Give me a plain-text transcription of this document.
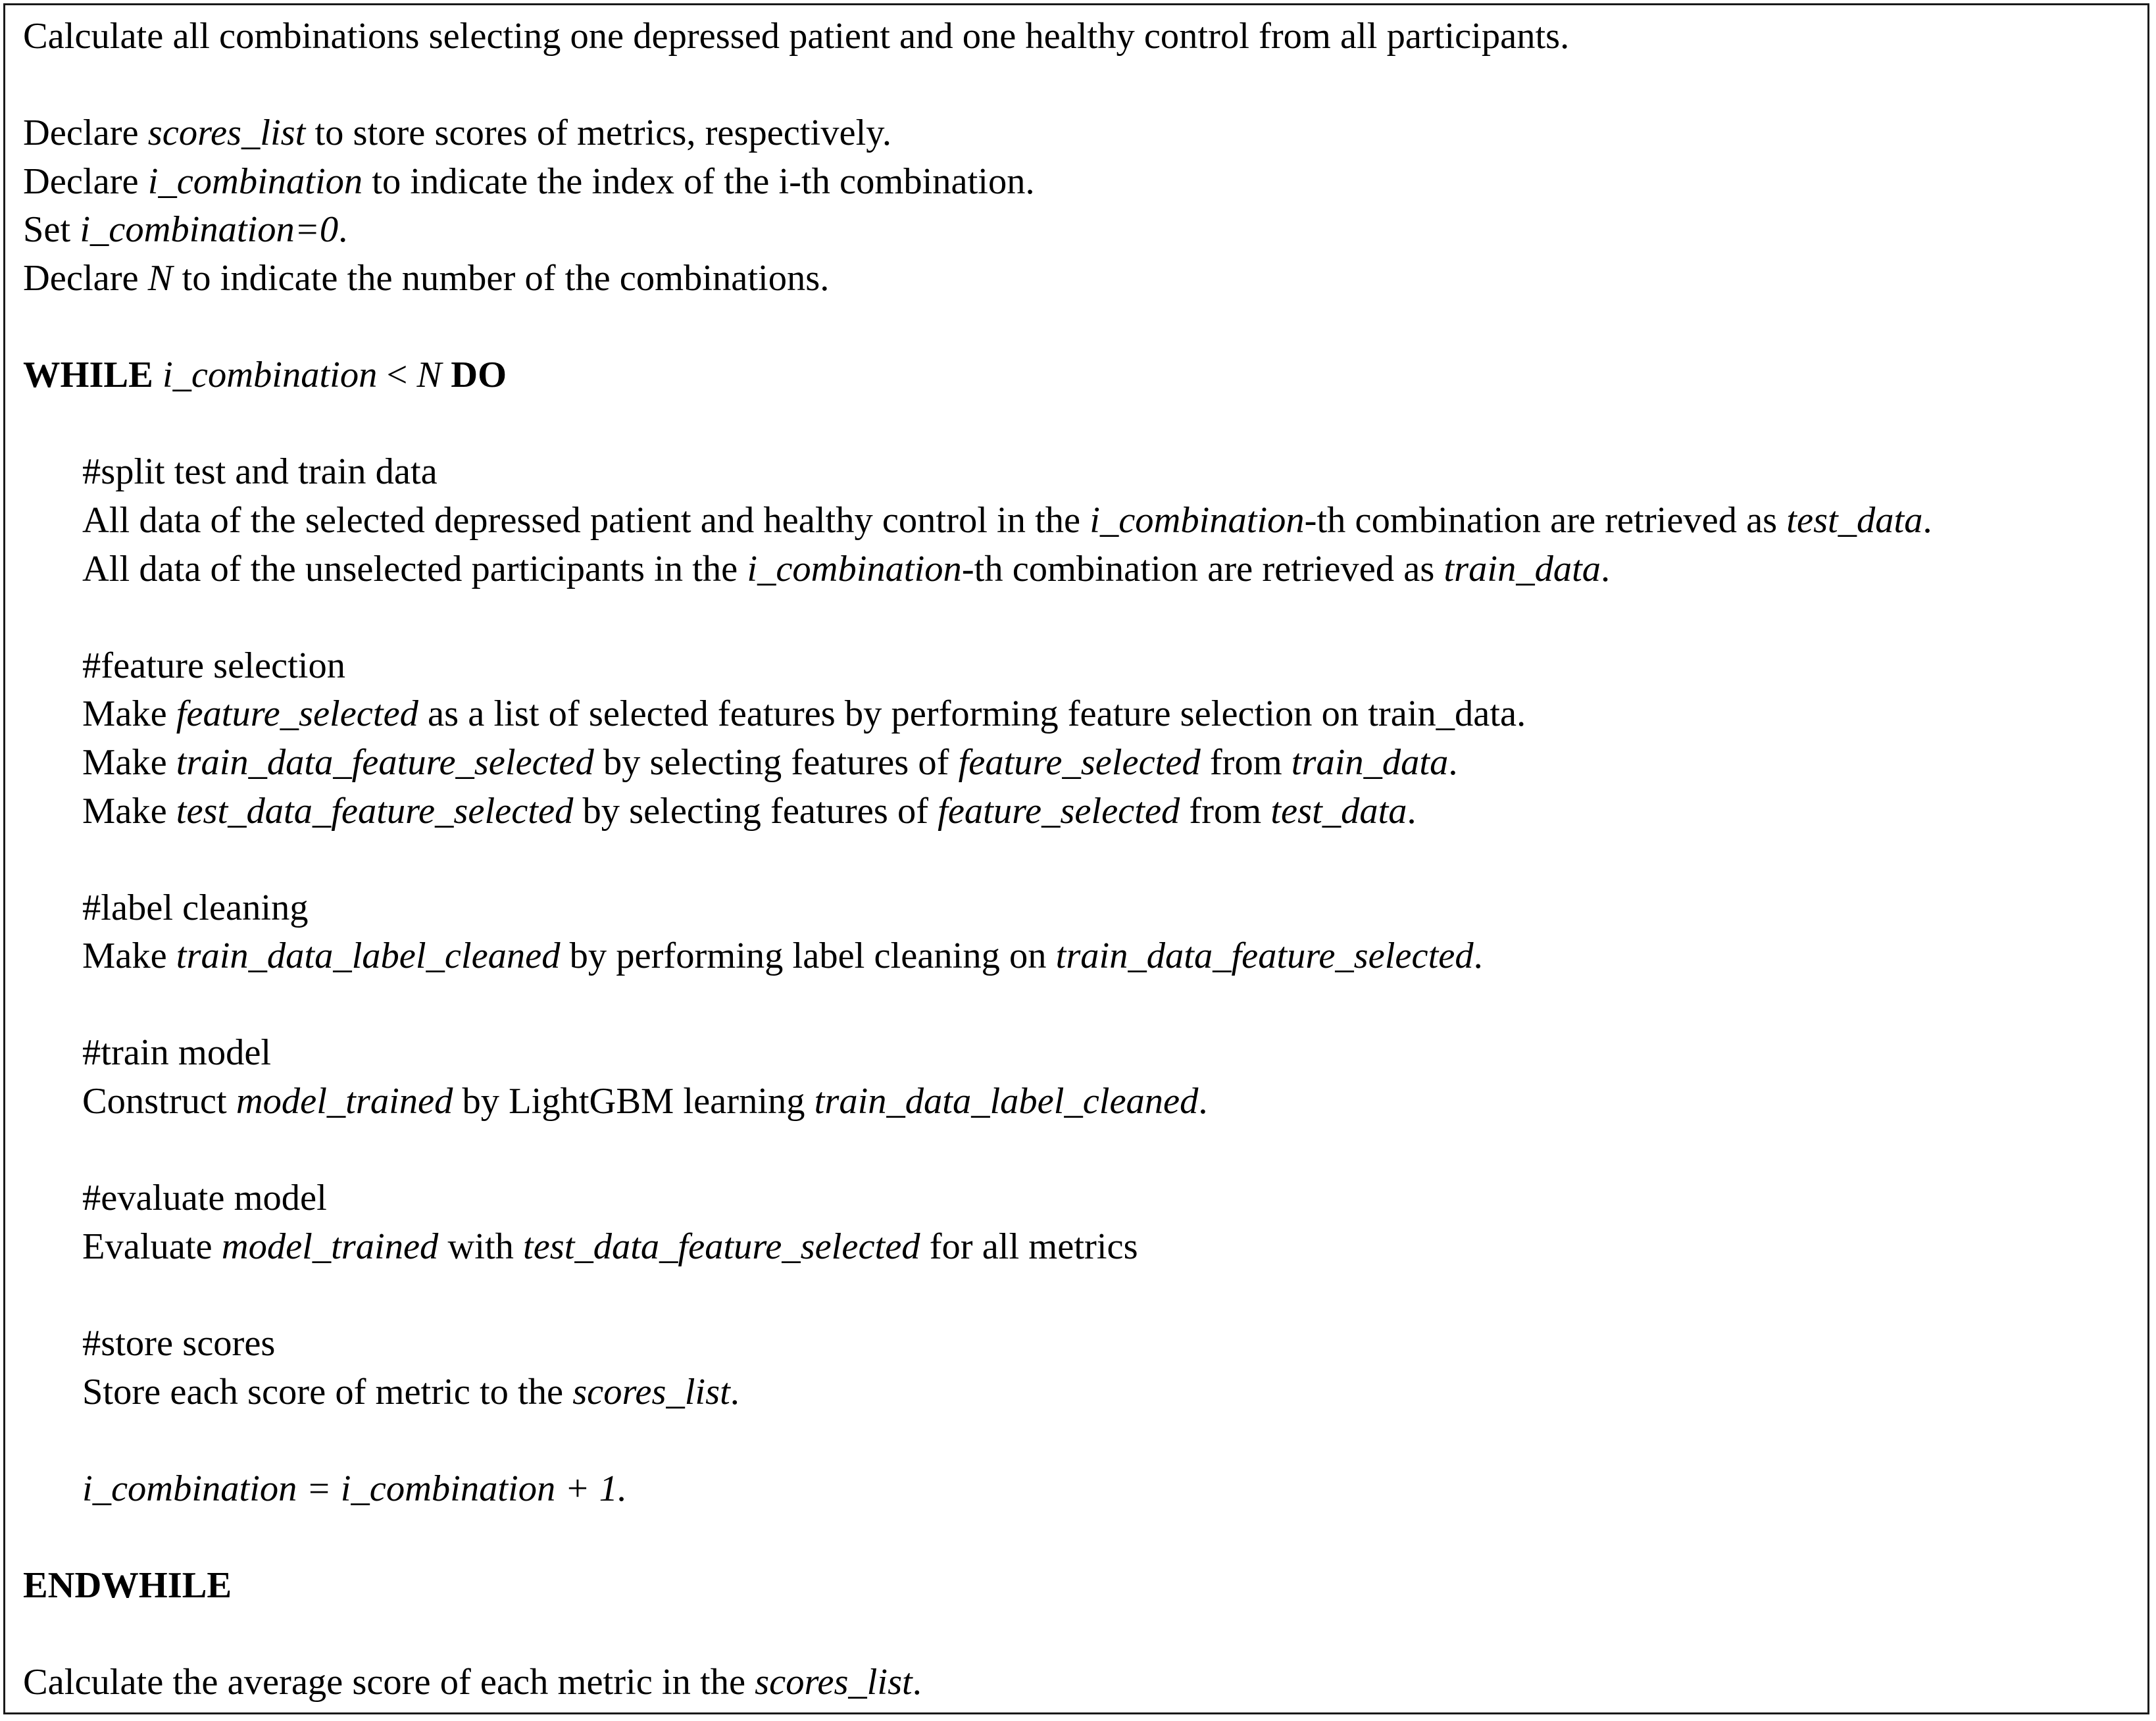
Calculate all combinations selecting one depressed patient and one healthy control from all participants.
Declare scores_list to store scores of metrics, respectively.
Declare i_combination to indicate the index of the i-th combination.
Set i_combination=0.
Declare N to indicate the number of the combinations.
WHILE i_combination < N DO
#split test and train data
All data of the selected depressed patient and healthy control in the i_combination-th combination are retrieved as test_data.
All data of the unselected participants in the i_combination-th combination are retrieved as train_data.
#feature selection
Make feature_selected as a list of selected features by performing feature selection on train_data.
Make train_data_feature_selected by selecting features of feature_selected from train_data.
Make test_data_feature_selected by selecting features of feature_selected from test_data.
#label cleaning
Make train_data_label_cleaned by performing label cleaning on train_data_feature_selected.
#train model
Construct model_trained by LightGBM learning train_data_label_cleaned.
#evaluate model
Evaluate model_trained with test_data_feature_selected for all metrics
#store scores
Store each score of metric to the scores_list.
i_combination = i_combination + 1.
ENDWHILE
Calculate the average score of each metric in the scores_list.
